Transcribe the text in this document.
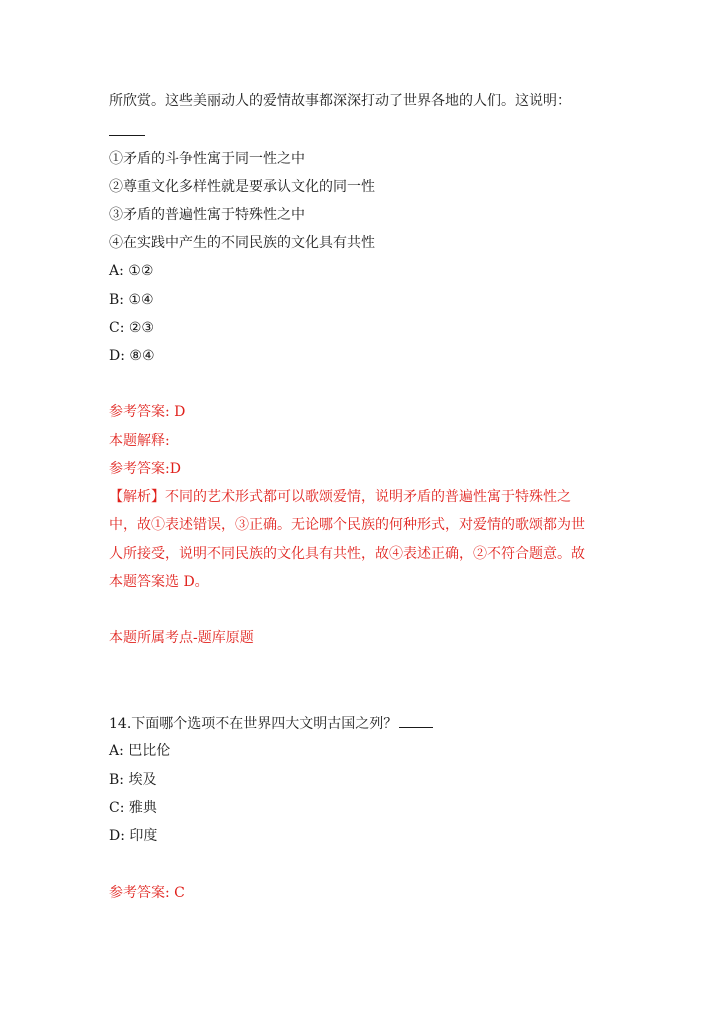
所欣赏。这些美丽动人的爱情故事都深深打动了世界各地的人们。这说明：
①矛盾的斗争性寓于同一性之中
②尊重文化多样性就是要承认文化的同一性
③矛盾的普遍性寓于特殊性之中
④在实践中产生的不同民族的文化具有共性
A: ①②
B: ①④
C: ②③
D: ⑧④
参考答案: D
本题解释:
参考答案:D
【解析】不同的艺术形式都可以歌颂爱情，说明矛盾的普遍性寓于特殊性之
中，故①表述错误，③正确。无论哪个民族的何种形式，对爱情的歌颂都为世
人所接受，说明不同民族的文化具有共性，故④表述正确，②不符合题意。故
本题答案选 D。
本题所属考点-题库原题
14.下面哪个选项不在世界四大文明古国之列？
A: 巴比伦
B: 埃及
C: 雅典
D: 印度
参考答案: C
